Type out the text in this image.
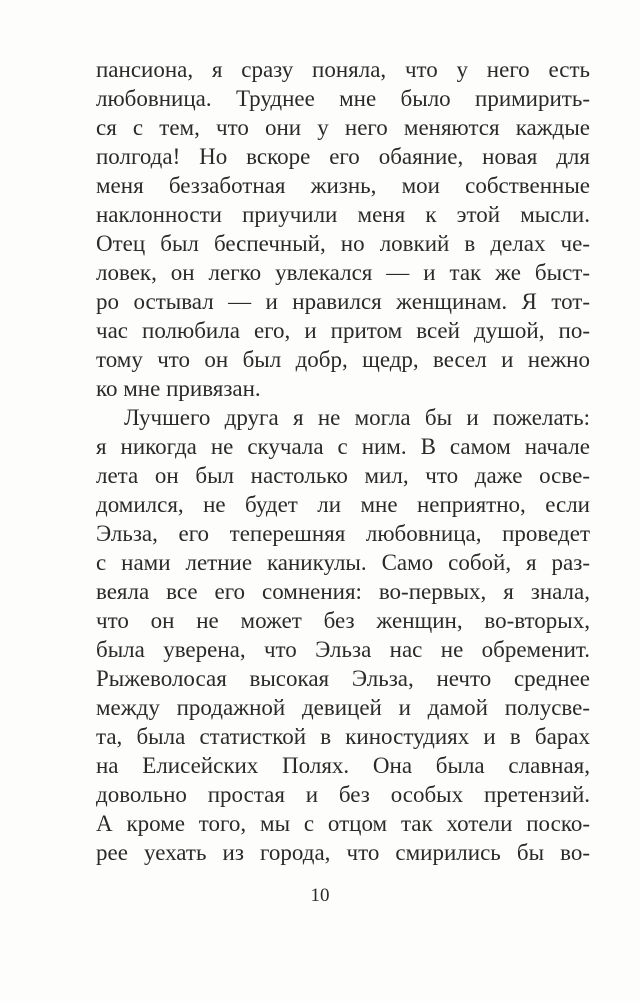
пансиона, я сразу поняла, что у него есть
любовница. Труднее мне было примирить-
ся с тем, что они у него меняются каждые
полгода! Но вскоре его обаяние, новая для
меня беззаботная жизнь, мои собственные
наклонности приучили меня к этой мысли.
Отец был беспечный, но ловкий в делах че-
ловек, он легко увлекался — и так же быст-
ро остывал — и нравился женщинам. Я тот-
час полюбила его, и притом всей душой, по-
тому что он был добр, щедр, весел и нежно
ко мне привязан.
Лучшего друга я не могла бы и пожелать:
я никогда не скучала с ним. В самом начале
лета он был настолько мил, что даже осве-
домился, не будет ли мне неприятно, если
Эльза, его теперешняя любовница, проведет
с нами летние каникулы. Само собой, я раз-
веяла все его сомнения: во-первых, я знала,
что он не может без женщин, во-вторых,
была уверена, что Эльза нас не обременит.
Рыжеволосая высокая Эльза, нечто среднее
между продажной девицей и дамой полусве-
та, была статисткой в киностудиях и в барах
на Елисейских Полях. Она была славная,
довольно простая и без особых претензий.
А кроме того, мы с отцом так хотели поско-
рее уехать из города, что смирились бы во-
10
